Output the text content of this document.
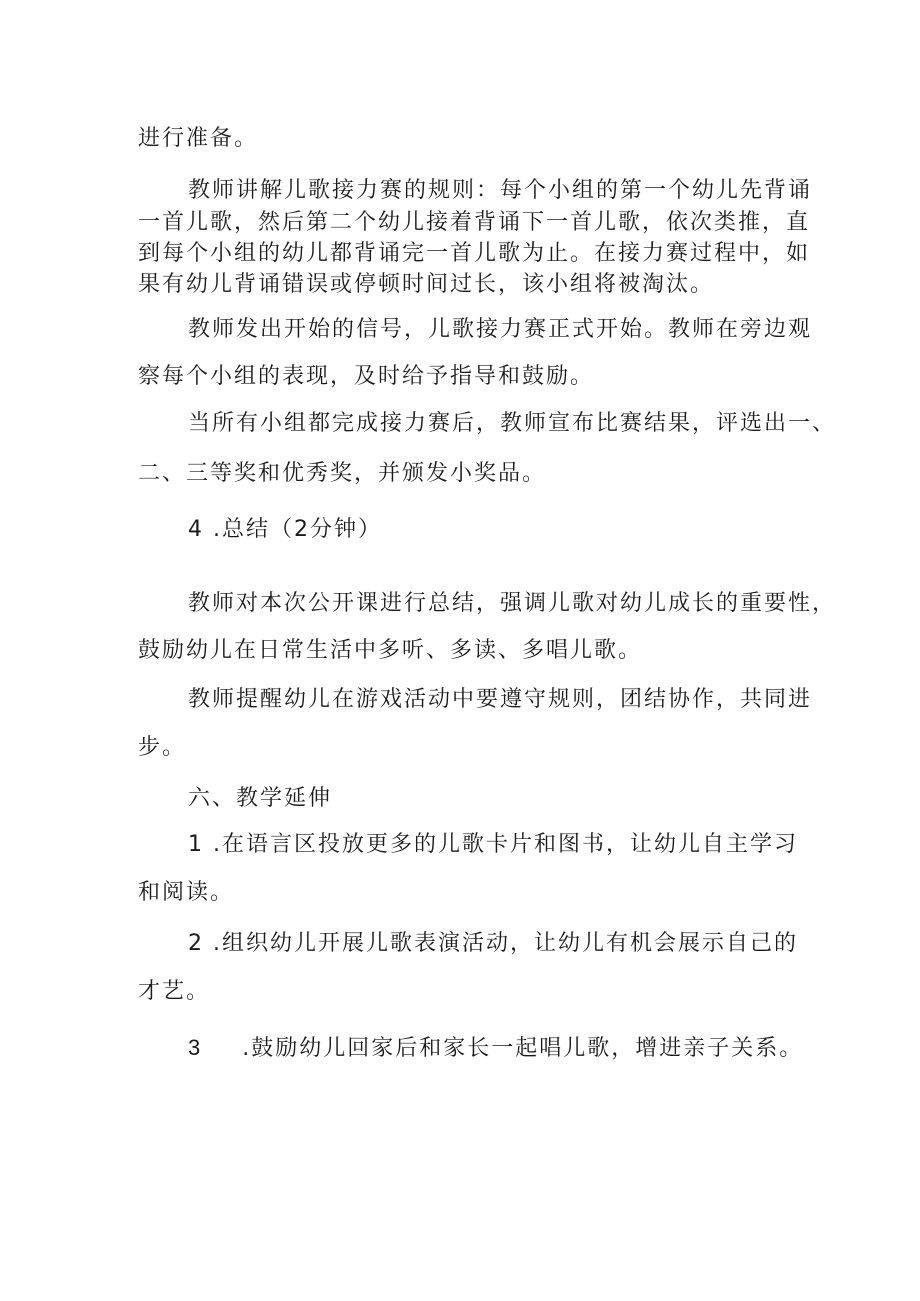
进行准备。
教师讲解儿歌接力赛的规则：每个小组的第一个幼儿先背诵
一首儿歌，然后第二个幼儿接着背诵下一首儿歌，依次类推，直
到每个小组的幼儿都背诵完一首儿歌为止。在接力赛过程中，如
果有幼儿背诵错误或停顿时间过长，该小组将被淘汰。
教师发出开始的信号，儿歌接力赛正式开始。教师在旁边观
察每个小组的表现，及时给予指导和鼓励。
当所有小组都完成接力赛后，教师宣布比赛结果，评选出一、
二、三等奖和优秀奖，并颁发小奖品。
4 .总结（2分钟）
教师对本次公开课进行总结，强调儿歌对幼儿成长的重要性，
鼓励幼儿在日常生活中多听、多读、多唱儿歌。
教师提醒幼儿在游戏活动中要遵守规则，团结协作，共同进
步。
六、教学延伸
1 .在语言区投放更多的儿歌卡片和图书，让幼儿自主学习
和阅读。
2 .组织幼儿开展儿歌表演活动，让幼儿有机会展示自己的
才艺。
3 .鼓励幼儿回家后和家长一起唱儿歌，增进亲子关系。
